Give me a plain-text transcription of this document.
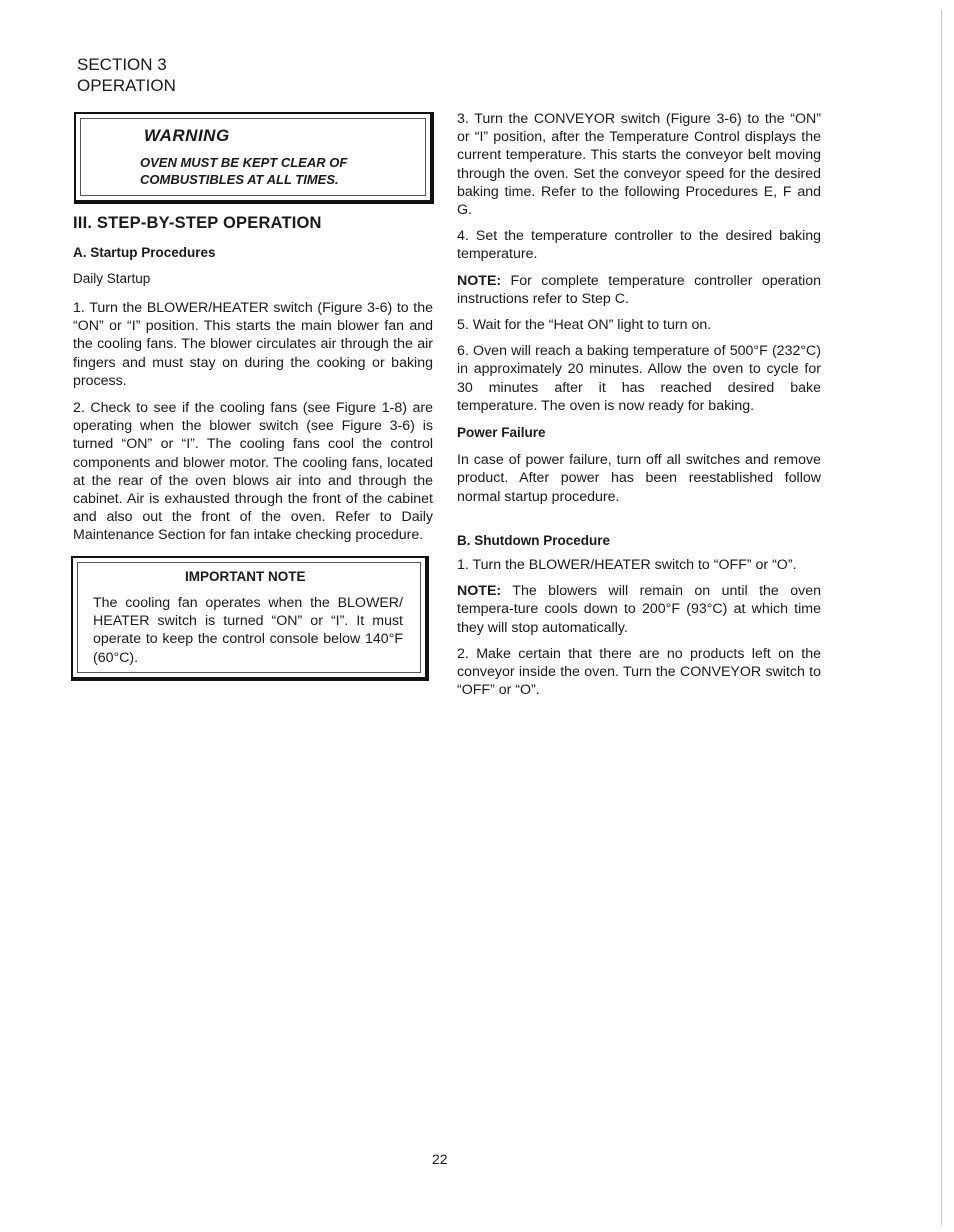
SECTION 3
OPERATION
WARNING
OVEN MUST BE KEPT CLEAR OF COMBUSTIBLES AT ALL TIMES.
III. STEP-BY-STEP OPERATION
A. Startup Procedures
Daily Startup

1. Turn the BLOWER/HEATER switch (Figure 3-6) to the “ON” or “I” position. This starts the main blower fan and the cooling fans. The blower circulates air through the air fingers and must stay on during the cooking or baking process.

2. Check to see if the cooling fans (see Figure 1-8) are operating when the blower switch (see Figure 3-6) is turned “ON” or “I”. The cooling fans cool the control components and blower motor. The cooling fans, located at the rear of the oven blows air into and through the cabinet. Air is exhausted through the front of the cabinet and also out the front of the oven. Refer to Daily Maintenance Section for fan intake checking procedure.

IMPORTANT NOTE
The cooling fan operates when the BLOWER/ HEATER switch is turned “ON” or “I”. It must operate to keep the control console below 140°F (60°C).

3. Turn the CONVEYOR switch (Figure 3-6) to the “ON” or “I” position, after the Temperature Control displays the current temperature. This starts the conveyor belt moving through the oven. Set the conveyor speed for the desired baking time. Refer to the following Procedures E, F and G.

4. Set the temperature controller to the desired baking temperature.

NOTE: For complete temperature controller operation instructions refer to Step C.

5. Wait for the “Heat ON” light to turn on.

6. Oven will reach a baking temperature of 500°F (232°C) in approximately 20 minutes. Allow the oven to cycle for 30 minutes after it has reached desired bake temperature. The oven is now ready for baking.

Power Failure

In case of power failure, turn off all switches and remove product. After power has been reestablished follow normal startup procedure.

B. Shutdown Procedure

1. Turn the BLOWER/HEATER switch to “OFF” or “O”.

NOTE: The blowers will remain on until the oven tempera-ture cools down to 200°F (93°C) at which time they will stop automatically.

2. Make certain that there are no products left on the conveyor inside the oven. Turn the CONVEYOR switch to “OFF” or “O”.

22
